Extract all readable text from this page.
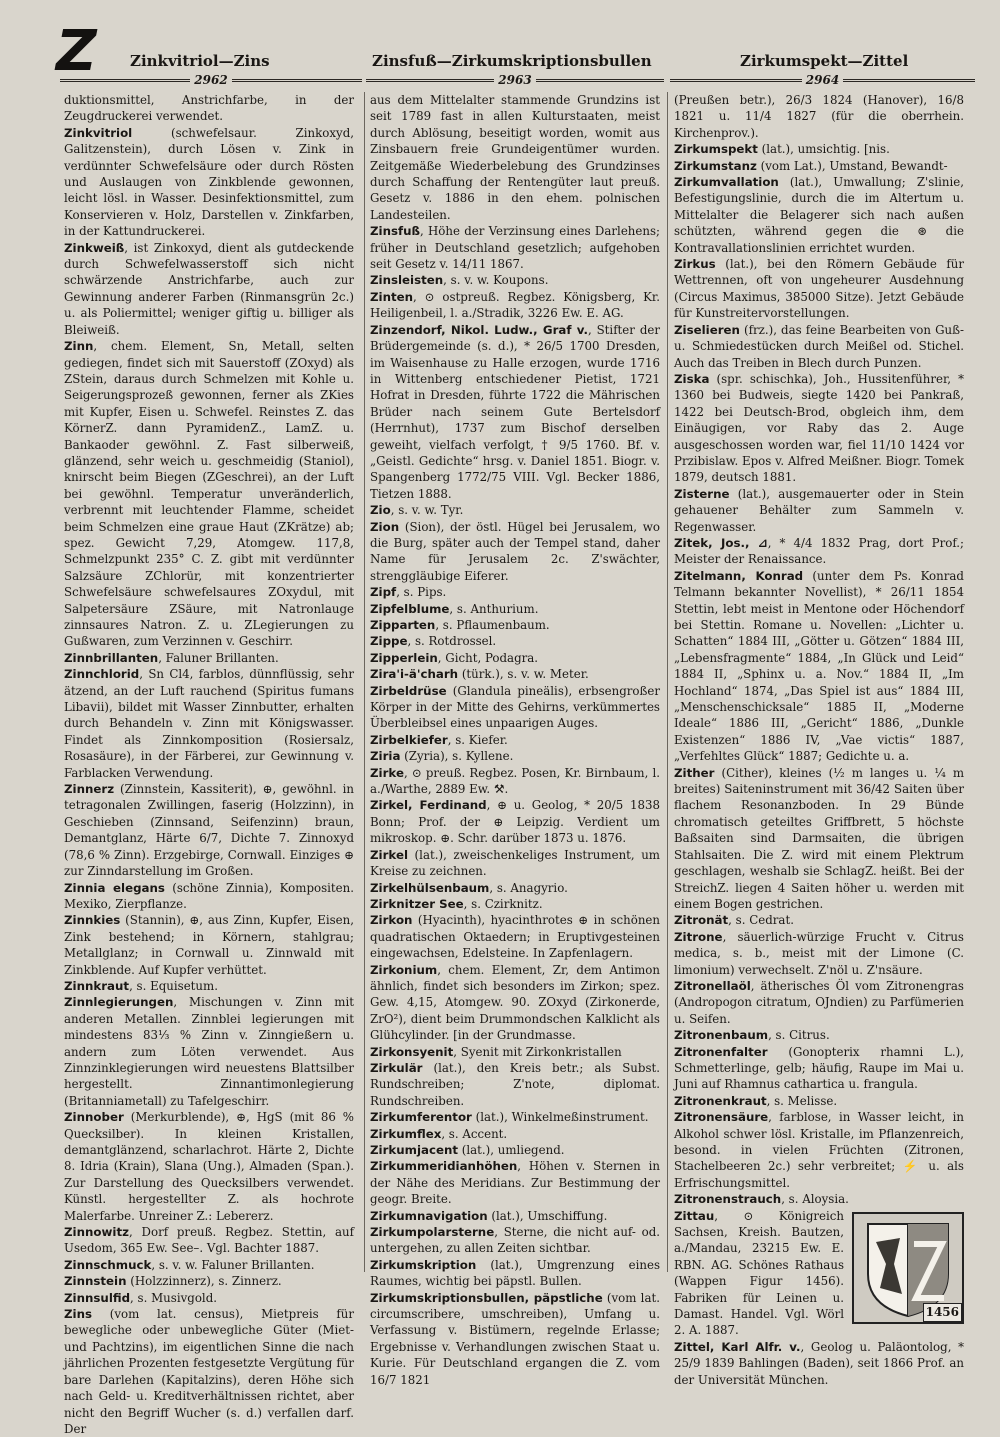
Z Zinkvitriol—Zins	Zinsfuß—Zirkumskriptionsbullen	Zirkumspekt—Zittel
2962	2963	2964

duktionsmittel, Anstrichfarbe, in der Zeugdruckerei verwendet.

Zinkvitriol (schwefelsaur. Zinkoxyd, Galitzenstein), durch Lösen v. Zink in verdünnter Schwefelsäure oder durch Rösten und Auslaugen von Zinkblende gewonnen, leicht lösl. in Wasser. Desinfektionsmittel, zum Konservieren v. Holz, Darstellen v. Zinkfarben, in der Kattundruckerei.

Zinkweiß, ist Zinkoxyd, dient als gutdeckende durch Schwefelwasserstoff sich nicht schwärzende Anstrichfarbe, auch zur Gewinnung anderer Farben (Rinmansgrün 2c.) u. als Poliermittel; weniger giftig u. billiger als Bleiweiß.

Zinn, chem. Element, Sn, Metall, selten gediegen, findet sich mit Sauerstoff (ZOxyd) als ZStein, daraus durch Schmelzen mit Kohle u. Seigerungsprozeß gewonnen, ferner als ZKies mit Kupfer, Eisen u. Schwefel. Reinstes Z. das KörnerZ. dann PyramidenZ., LamZ. u. Bankaoder gewöhnl. Z. Fast silberweiß, glänzend, sehr weich u. geschmeidig (Staniol), knirscht beim Biegen (ZGeschrei), an der Luft bei gewöhnl. Temperatur unveränderlich, verbrennt mit leuchtender Flamme, scheidet beim Schmelzen eine graue Haut (ZKrätze) ab; spez. Gewicht 7,29, Atomgew. 117,8, Schmelzpunkt 235° C. Z. gibt mit verdünnter Salzsäure ZChlorür, mit konzentrierter Schwefelsäure schwefelsaures ZOxydul, mit Salpetersäure ZSäure, mit Natronlauge zinnsaures Natron. Z. u. ZLegierungen zu Gußwaren, zum Verzinnen v. Geschirr.

Zinnbrillanten, Faluner Brillanten.

Zinnchlorid, Sn Cl4, farblos, dünnflüssig, sehr ätzend, an der Luft rauchend (Spiritus fumans Libavii), bildet mit Wasser Zinnbutter, erhalten durch Behandeln v. Zinn mit Königswasser. Findet als Zinnkomposition (Rosiersalz, Rosasäure), in der Färberei, zur Gewinnung v. Farblacken Verwendung.

Zinnerz (Zinnstein, Kassiterit), ⊕, gewöhnl. in tetragonalen Zwillingen, faserig (Holzzinn), in Geschieben (Zinnsand, Seifenzinn) braun, Demantglanz, Härte 6/7, Dichte 7. Zinnoxyd (78,6 % Zinn). Erzgebirge, Cornwall. Einziges ⊕ zur Zinndarstellung im Großen.

Zinnia elegans (schöne Zinnia), Kompositen. Mexiko, Zierpflanze.

Zinnkies (Stannin), ⊕, aus Zinn, Kupfer, Eisen, Zink bestehend; in Körnern, stahlgrau; Metallglanz; in Cornwall u. Zinnwald mit Zinkblende. Auf Kupfer verhüttet.

Zinnkraut, s. Equisetum.

Zinnlegierungen, Mischungen v. Zinn mit anderen Metallen. Zinnblei legierungen mit mindestens 83⅓ % Zinn v. Zinngießern u. andern zum Löten verwendet. Aus Zinnzinklegierungen wird neuestens Blattsilber hergestellt. Zinnantimonlegierung (Britanniametall) zu Tafelgeschirr.

Zinnober (Merkurblende), ⊕, HgS (mit 86 % Quecksilber). In kleinen Kristallen, demantglänzend, scharlachrot. Härte 2, Dichte 8. Idria (Krain), Slana (Ung.), Almaden (Span.). Zur Darstellung des Quecksilbers verwendet. Künstl. hergestellter Z. als hochrote Malerfarbe. Unreiner Z.: Lebererz.

Zinnowitz, Dorf preuß. Regbez. Stettin, auf Usedom, 365 Ew. See–. Vgl. Bachter 1887.

Zinnschmuck, s. v. w. Faluner Brillanten.

Zinnstein (Holzzinnerz), s. Zinnerz.

Zinnsulfid, s. Musivgold.

Zins (vom lat. census), Mietpreis für bewegliche oder unbewegliche Güter (Miet- und Pachtzins), im eigentlichen Sinne die nach jährlichen Prozenten festgesetzte Vergütung für bare Darlehen (Kapitalzins), deren Höhe sich nach Geld- u. Kreditverhältnissen richtet, aber nicht den Begriff Wucher (s. d.) verfallen darf. Der

aus dem Mittelalter stammende Grundzins ist seit 1789 fast in allen Kulturstaaten, meist durch Ablösung, beseitigt worden, womit aus Zinsbauern freie Grundeigentümer wurden. Zeitgemäße Wiederbelebung des Grundzinses durch Schaffung der Rentengüter laut preuß. Gesetz v. 1886 in den ehem. polnischen Landesteilen.

Zinsfuß, Höhe der Verzinsung eines Darlehens; früher in Deutschland gesetzlich; aufgehoben seit Gesetz v. 14/11 1867.

Zinsleisten, s. v. w. Koupons.

Zinten, ⊙ ostpreuß. Regbez. Königsberg, Kr. Heiligenbeil, l. a./Stradik, 3226 Ew. E. AG.

Zinzendorf, Nikol. Ludw., Graf v., Stifter der Brüdergemeinde (s. d.), * 26/5 1700 Dresden, im Waisenhause zu Halle erzogen, wurde 1716 in Wittenberg entschiedener Pietist, 1721 Hofrat in Dresden, führte 1722 die Mährischen Brüder nach seinem Gute Bertelsdorf (Herrnhut), 1737 zum Bischof derselben geweiht, vielfach verfolgt, † 9/5 1760. Bf. v. „Geistl. Gedichte“ hrsg. v. Daniel 1851. Biogr. v. Spangenberg 1772/75 VIII. Vgl. Becker 1886, Tietzen 1888.

Zio, s. v. w. Tyr.

Zion (Sion), der östl. Hügel bei Jerusalem, wo die Burg, später auch der Tempel stand, daher Name für Jerusalem 2c. Z'swächter, strenggläubige Eiferer.

Zipf, s. Pips.

Zipfelblume, s. Anthurium.

Zipparten, s. Pflaumenbaum.

Zippe, s. Rotdrossel.

Zipperlein, Gicht, Podagra.

Zira'i-ä'charh (türk.), s. v. w. Meter.

Zirbeldrüse (Glandula pineälis), erbsengroßer Körper in der Mitte des Gehirns, verkümmertes Überbleibsel eines unpaarigen Auges.

Zirbelkiefer, s. Kiefer.

Ziria (Zyria), s. Kyllene.

Zirke, ⊙ preuß. Regbez. Posen, Kr. Birnbaum, l. a./Warthe, 2889 Ew. ⚒.

Zirkel, Ferdinand, ⊕ u. Geolog, * 20/5 1838 Bonn; Prof. der ⊕ Leipzig. Verdient um mikroskop. ⊕. Schr. darüber 1873 u. 1876.

Zirkel (lat.), zweischenkeliges Instrument, um Kreise zu zeichnen.

Zirkelhülsenbaum, s. Anagyrio.

Zirknitzer See, s. Czirknitz.

Zirkon (Hyacinth), hyacinthrotes ⊕ in schönen quadratischen Oktaedern; in Eruptivgesteinen eingewachsen, Edelsteine. In Zapfenlagern.

Zirkonium, chem. Element, Zr, dem Antimon ähnlich, findet sich besonders im Zirkon; spez. Gew. 4,15, Atomgew. 90. ZOxyd (Zirkonerde, ZrO²), dient beim Drummondschen Kalklicht als Glühcylinder. [in der Grundmasse.

Zirkonsyenit, Syenit mit Zirkonkristallen

Zirkulär (lat.), den Kreis betr.; als Subst. Rundschreiben; Z'note, diplomat. Rundschreiben.

Zirkumferentor (lat.), Winkelmeßinstrument.

Zirkumflex, s. Accent.

Zirkumjacent (lat.), umliegend.

Zirkummeridianhöhen, Höhen v. Sternen in der Nähe des Meridians. Zur Bestimmung der geogr. Breite.

Zirkumnavigation (lat.), Umschiffung.

Zirkumpolarsterne, Sterne, die nicht auf- od. untergehen, zu allen Zeiten sichtbar.

Zirkumskription (lat.), Umgrenzung eines Raumes, wichtig bei päpstl. Bullen.

Zirkumskriptionsbullen, päpstliche (vom lat. circumscribere, umschreiben), Umfang u. Verfassung v. Bistümern, regelnde Erlasse; Ergebnisse v. Verhandlungen zwischen Staat u. Kurie. Für Deutschland ergangen die Z. vom 16/7 1821

(Preußen betr.), 26/3 1824 (Hanover), 16/8 1821 u. 11/4 1827 (für die oberrhein. Kirchenprov.).

Zirkumspekt (lat.), umsichtig. [nis.

Zirkumstanz (vom Lat.), Umstand, Bewandt-

Zirkumvallation (lat.), Umwallung; Z'slinie, Befestigungslinie, durch die im Altertum u. Mittelalter die Belagerer sich nach außen schützten, während gegen die ⊛ die Kontravallationslinien errichtet wurden.

Zirkus (lat.), bei den Römern Gebäude für Wettrennen, oft von ungeheurer Ausdehnung (Circus Maximus, 385000 Sitze). Jetzt Gebäude für Kunstreitervorstellungen.

Ziselieren (frz.), das feine Bearbeiten von Guß- u. Schmiedestücken durch Meißel od. Stichel. Auch das Treiben in Blech durch Punzen.

Ziska (spr. schischka), Joh., Hussitenführer, * 1360 bei Budweis, siegte 1420 bei Pankraß, 1422 bei Deutsch-Brod, obgleich ihm, dem Einäugigen, vor Raby das 2. Auge ausgeschossen worden war, fiel 11/10 1424 vor Przibislaw. Epos v. Alfred Meißner. Biogr. Tomek 1879, deutsch 1881.

Zisterne (lat.), ausgemauerter oder in Stein gehauener Behälter zum Sammeln v. Regenwasser.

Zitek, Jos., ⊿, * 4/4 1832 Prag, dort Prof.; Meister der Renaissance.

Zitelmann, Konrad (unter dem Ps. Konrad Telmann bekannter Novellist), * 26/11 1854 Stettin, lebt meist in Mentone oder Höchendorf bei Stettin. Romane u. Novellen: „Lichter u. Schatten“ 1884 III, „Götter u. Götzen“ 1884 III, „Lebensfragmente“ 1884, „In Glück und Leid“ 1884 II, „Sphinx u. a. Nov.“ 1884 II, „Im Hochland“ 1874, „Das Spiel ist aus“ 1884 III, „Menschenschicksale“ 1885 II, „Moderne Ideale“ 1886 III, „Gericht“ 1886, „Dunkle Existenzen“ 1886 IV, „Vae victis“ 1887, „Verfehltes Glück“ 1887; Gedichte u. a.

Zither (Cither), kleines (½ m langes u. ¼ m breites) Saiteninstrument mit 36/42 Saiten über flachem Resonanzboden. In 29 Bünde chromatisch geteiltes Griffbrett, 5 höchste Baßsaiten sind Darmsaiten, die übrigen Stahlsaiten. Die Z. wird mit einem Plektrum geschlagen, weshalb sie SchlagZ. heißt. Bei der StreichZ. liegen 4 Saiten höher u. werden mit einem Bogen gestrichen.

Zitronät, s. Cedrat.

Zitrone, säuerlich-würzige Frucht v. Citrus medica, s. b., meist mit der Limone (C. limonium) verwechselt. Z'nöl u. Z'nsäure.

Zitronellaöl, ätherisches Öl vom Zitronengras (Andropogon citratum, OJndien) zu Parfümerien u. Seifen.

Zitronenbaum, s. Citrus.

Zitronenfalter (Gonopterix rhamni L.), Schmetterlinge, gelb; häufig, Raupe im Mai u. Juni auf Rhamnus cathartica u. frangula.

Zitronenkraut, s. Melisse.

Zitronensäure, farblose, in Wasser leicht, in Alkohol schwer lösl. Kristalle, im Pflanzenreich, besond. in vielen Früchten (Zitronen, Stachelbeeren 2c.) sehr verbreitet; ⚡ u. als Erfrischungsmittel.

Zitronenstrauch, s. Aloysia.

1456
Zittau, ⊙ Königreich Sachsen, Kreish. Bautzen, a./Mandau, 23215 Ew. E. RBN. AG. Schönes Rathaus (Wappen Figur 1456). Fabriken für Leinen u. Damast. Handel. Vgl. Wörl 2. A. 1887.

Zittel, Karl Alfr. v., Geolog u. Paläontolog, * 25/9 1839 Bahlingen (Baden), seit 1866 Prof. an der Universität München.
